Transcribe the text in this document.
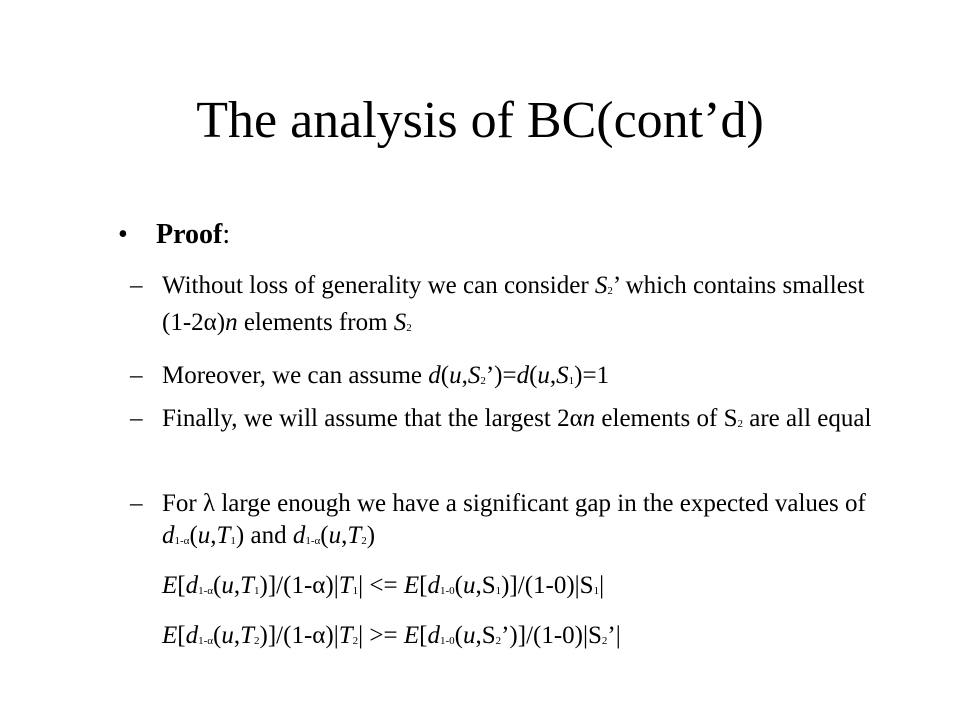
The analysis of BC(cont’d)
• Proof:
– Without loss of generality we can consider S2’ which contains smallest (1-2α)n elements from S2
– Moreover, we can assume d(u,S2’)=d(u,S1)=1
– Finally, we will assume that the largest 2αn elements of S2 are all equal
– For λ large enough we have a significant gap in the expected values of d1-α(u,T1) and d1-α(u,T2)
E[d1-α(u,T1)]/(1-α)|T1| <= E[d1-0(u,S1)]/(1-0)|S1|
E[d1-α(u,T2)]/(1-α)|T2| >= E[d1-0(u,S2’)]/(1-0)|S2’|
